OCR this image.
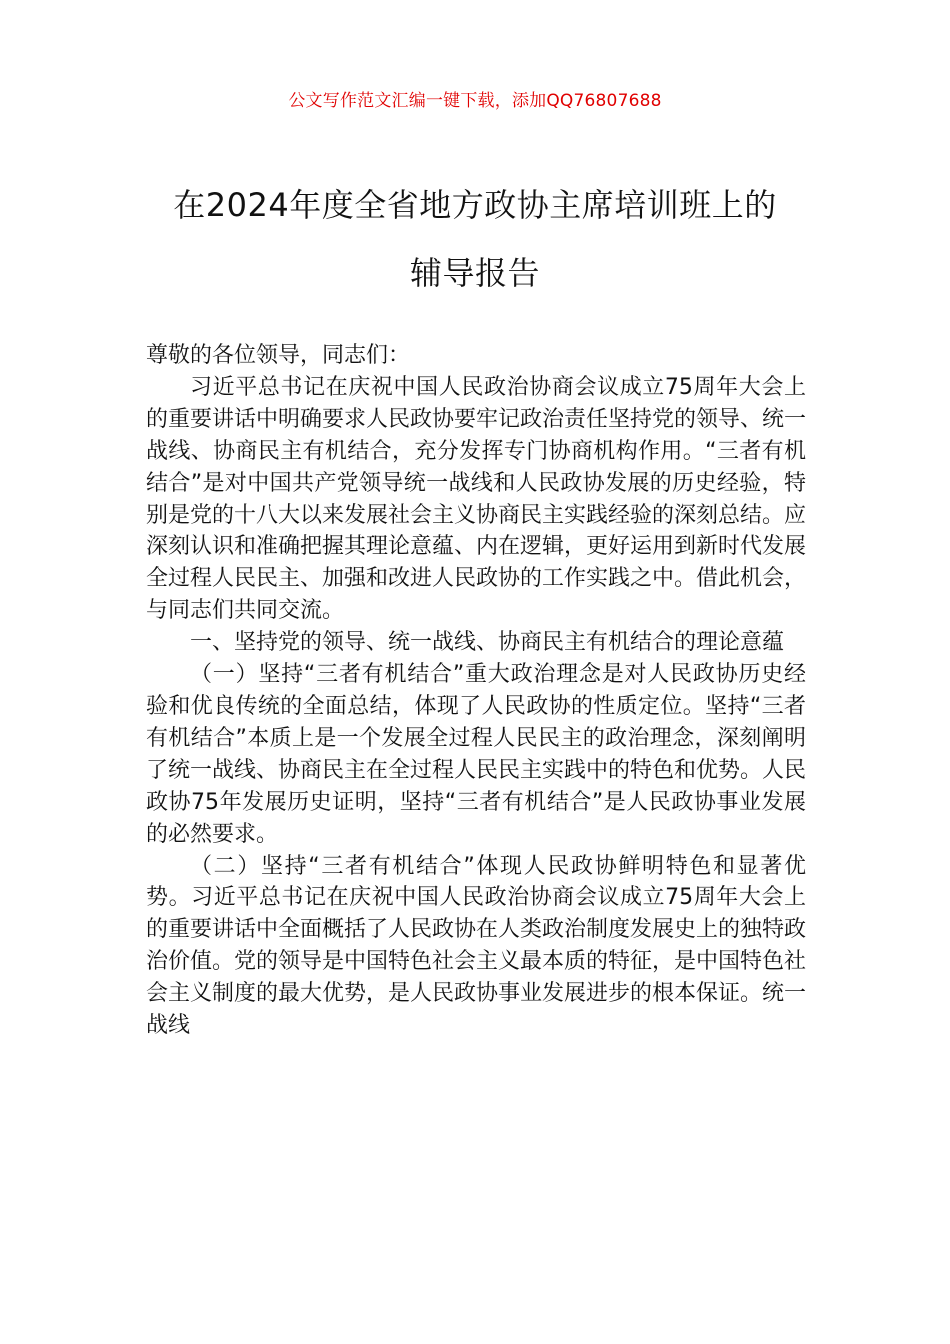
公文写作范文汇编一键下载，添加QQ76807688
在2024年度全省地方政协主席培训班上的
辅导报告

尊敬的各位领导，同志们：

习近平总书记在庆祝中国人民政治协商会议成立75周年大会上的重要讲话中明确要求人民政协要牢记政治责任坚持党的领导、统一战线、协商民主有机结合，充分发挥专门协商机构作用。“三者有机结合”是对中国共产党领导统一战线和人民政协发展的历史经验，特别是党的十八大以来发展社会主义协商民主实践经验的深刻总结。应深刻认识和准确把握其理论意蕴、内在逻辑，更好运用到新时代发展全过程人民民主、加强和改进人民政协的工作实践之中。借此机会，与同志们共同交流。

一、坚持党的领导、统一战线、协商民主有机结合的理论意蕴

（一）坚持“三者有机结合”重大政治理念是对人民政协历史经验和优良传统的全面总结，体现了人民政协的性质定位。坚持“三者有机结合”本质上是一个发展全过程人民民主的政治理念，深刻阐明了统一战线、协商民主在全过程人民民主实践中的特色和优势。人民政协75年发展历史证明，坚持“三者有机结合”是人民政协事业发展的必然要求。

（二）坚持“三者有机结合”体现人民政协鲜明特色和显著优势。习近平总书记在庆祝中国人民政治协商会议成立75周年大会上的重要讲话中全面概括了人民政协在人类政治制度发展史上的独特政治价值。党的领导是中国特色社会主义最本质的特征，是中国特色社会主义制度的最大优势，是人民政协事业发展进步的根本保证。统一战线
